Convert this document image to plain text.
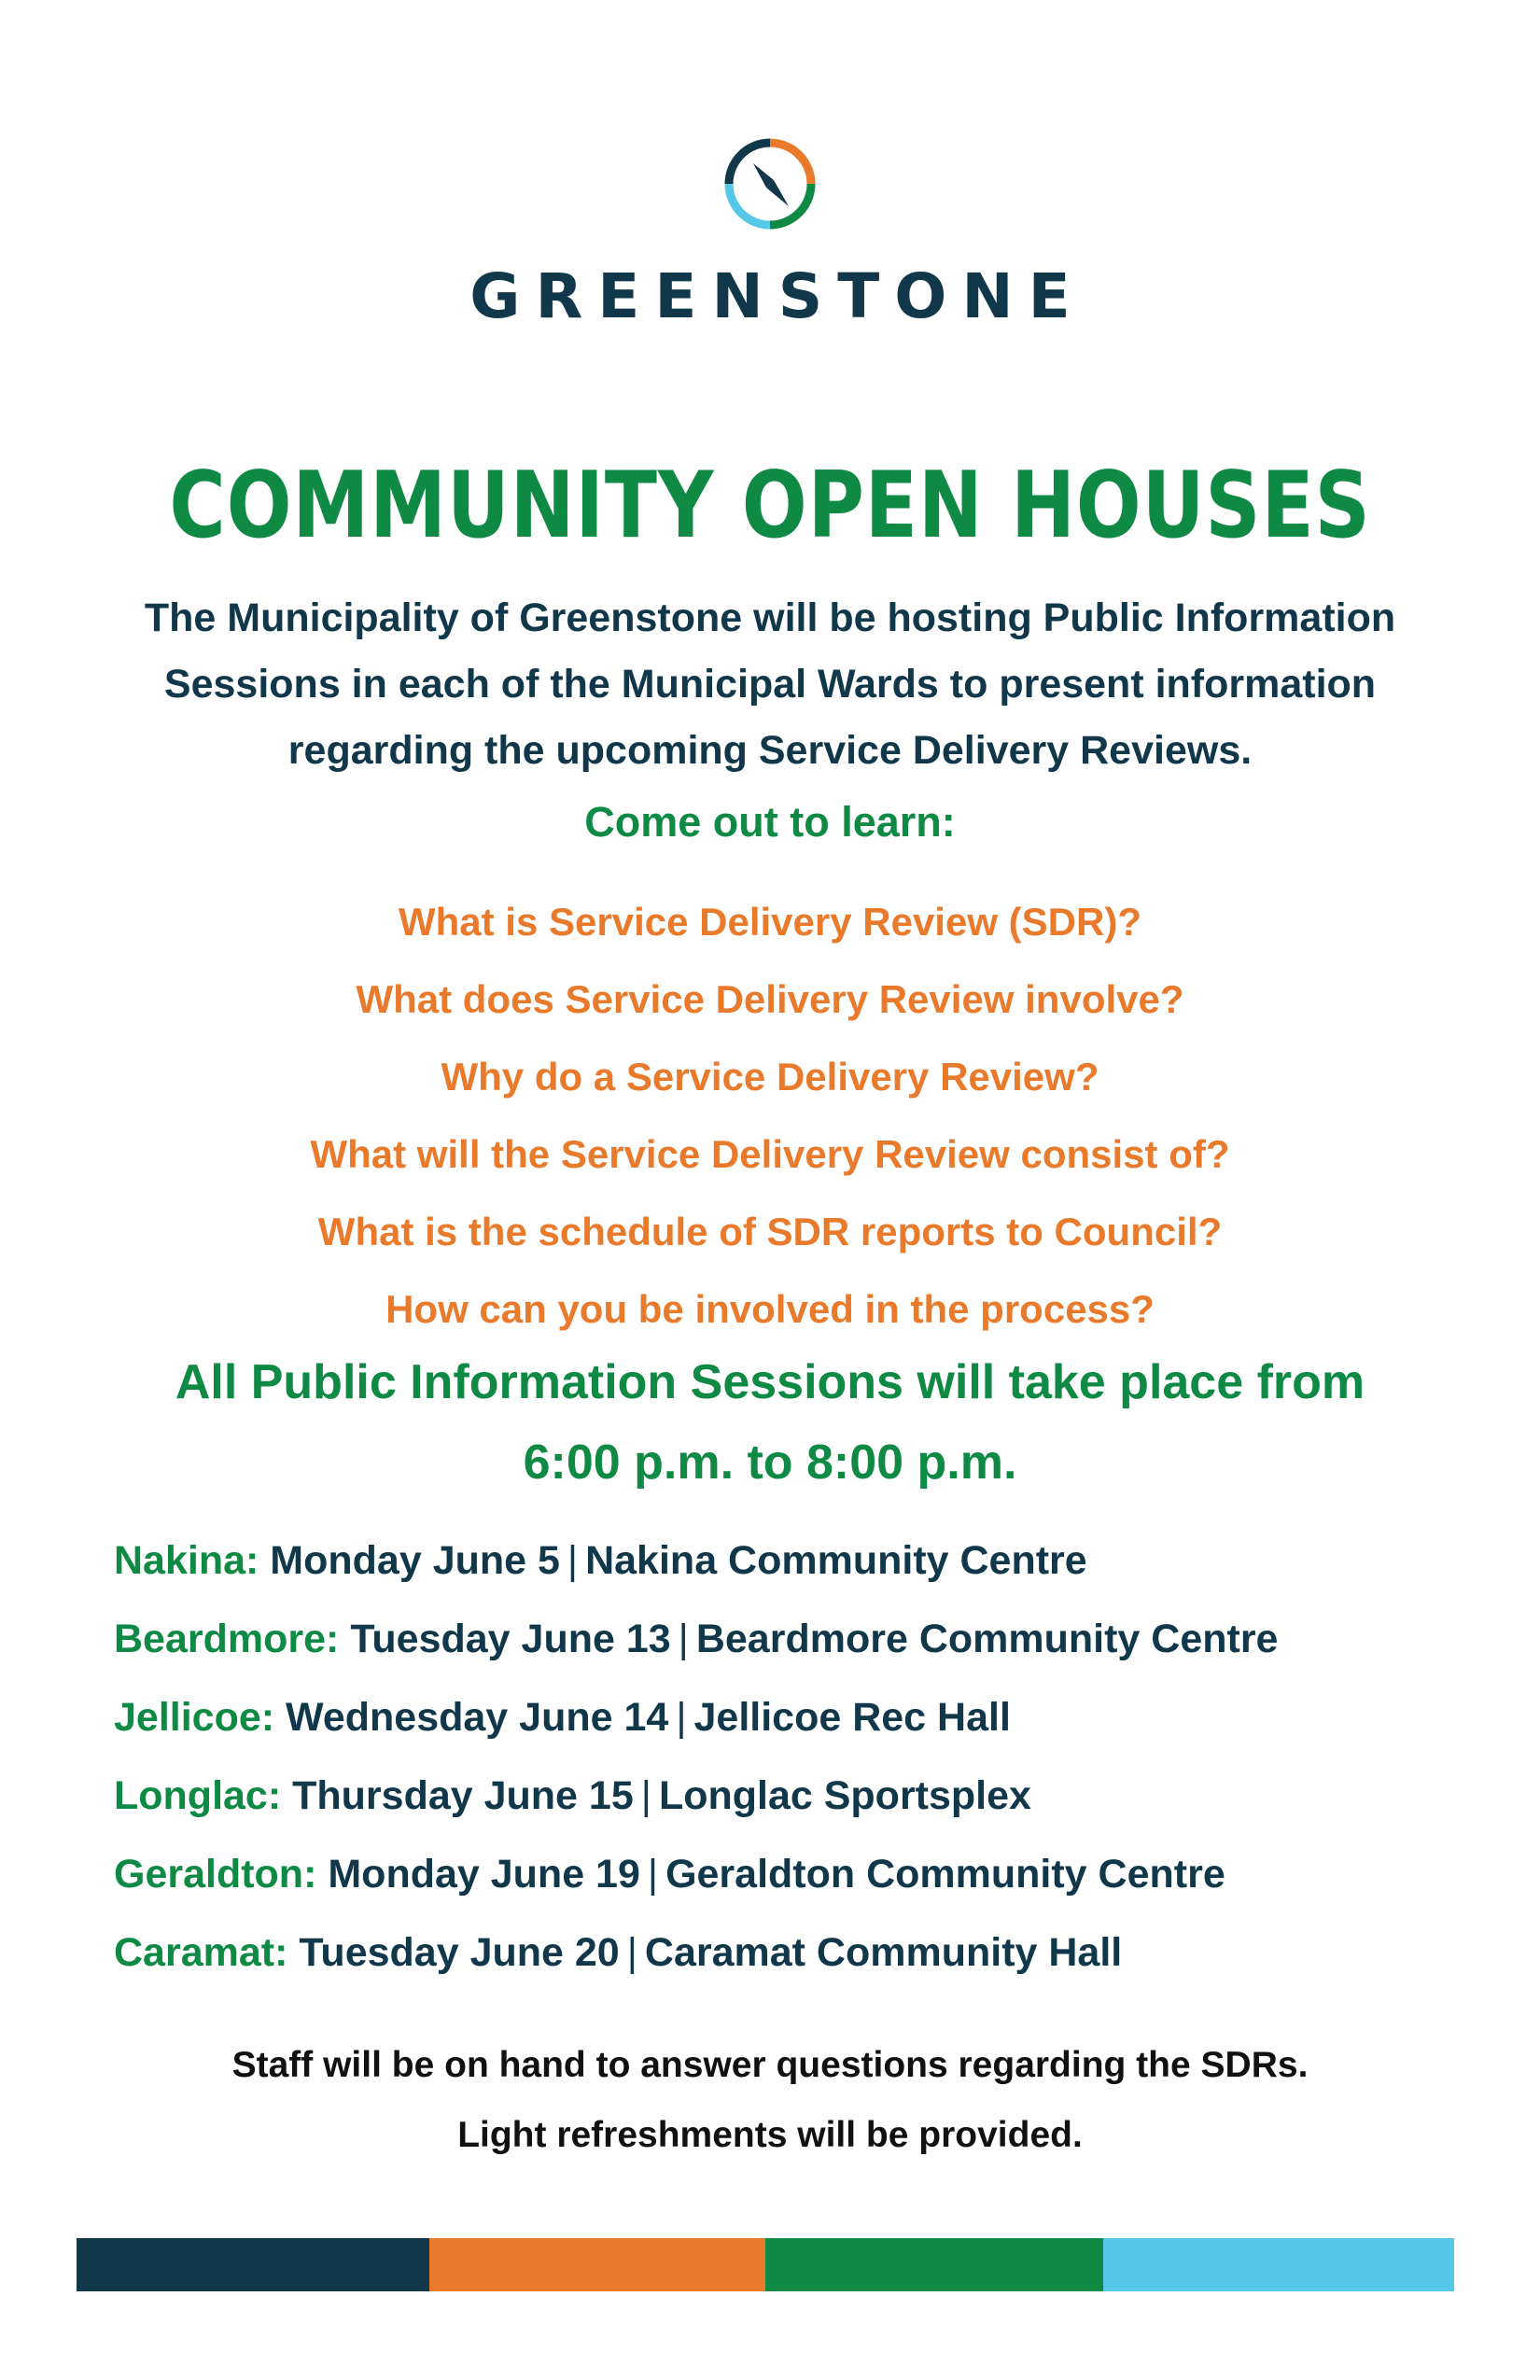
GREENSTONE
COMMUNITY OPEN HOUSES
The Municipality of Greenstone will be hosting Public Information
Sessions in each of the Municipal Wards to present information
regarding the upcoming Service Delivery Reviews.
Come out to learn:
What is Service Delivery Review (SDR)?
What does Service Delivery Review involve?
Why do a Service Delivery Review?
What will the Service Delivery Review consist of?
What is the schedule of SDR reports to Council?
How can you be involved in the process?
All Public Information Sessions will take place from
6:00 p.m. to 8:00 p.m.
Nakina: Monday June 5 | Nakina Community Centre
Beardmore: Tuesday June 13 | Beardmore Community Centre
Jellicoe: Wednesday June 14 | Jellicoe Rec Hall
Longlac: Thursday June 15 | Longlac Sportsplex
Geraldton: Monday June 19 | Geraldton Community Centre
Caramat: Tuesday June 20 | Caramat Community Hall
Staff will be on hand to answer questions regarding the SDRs.
Light refreshments will be provided.
